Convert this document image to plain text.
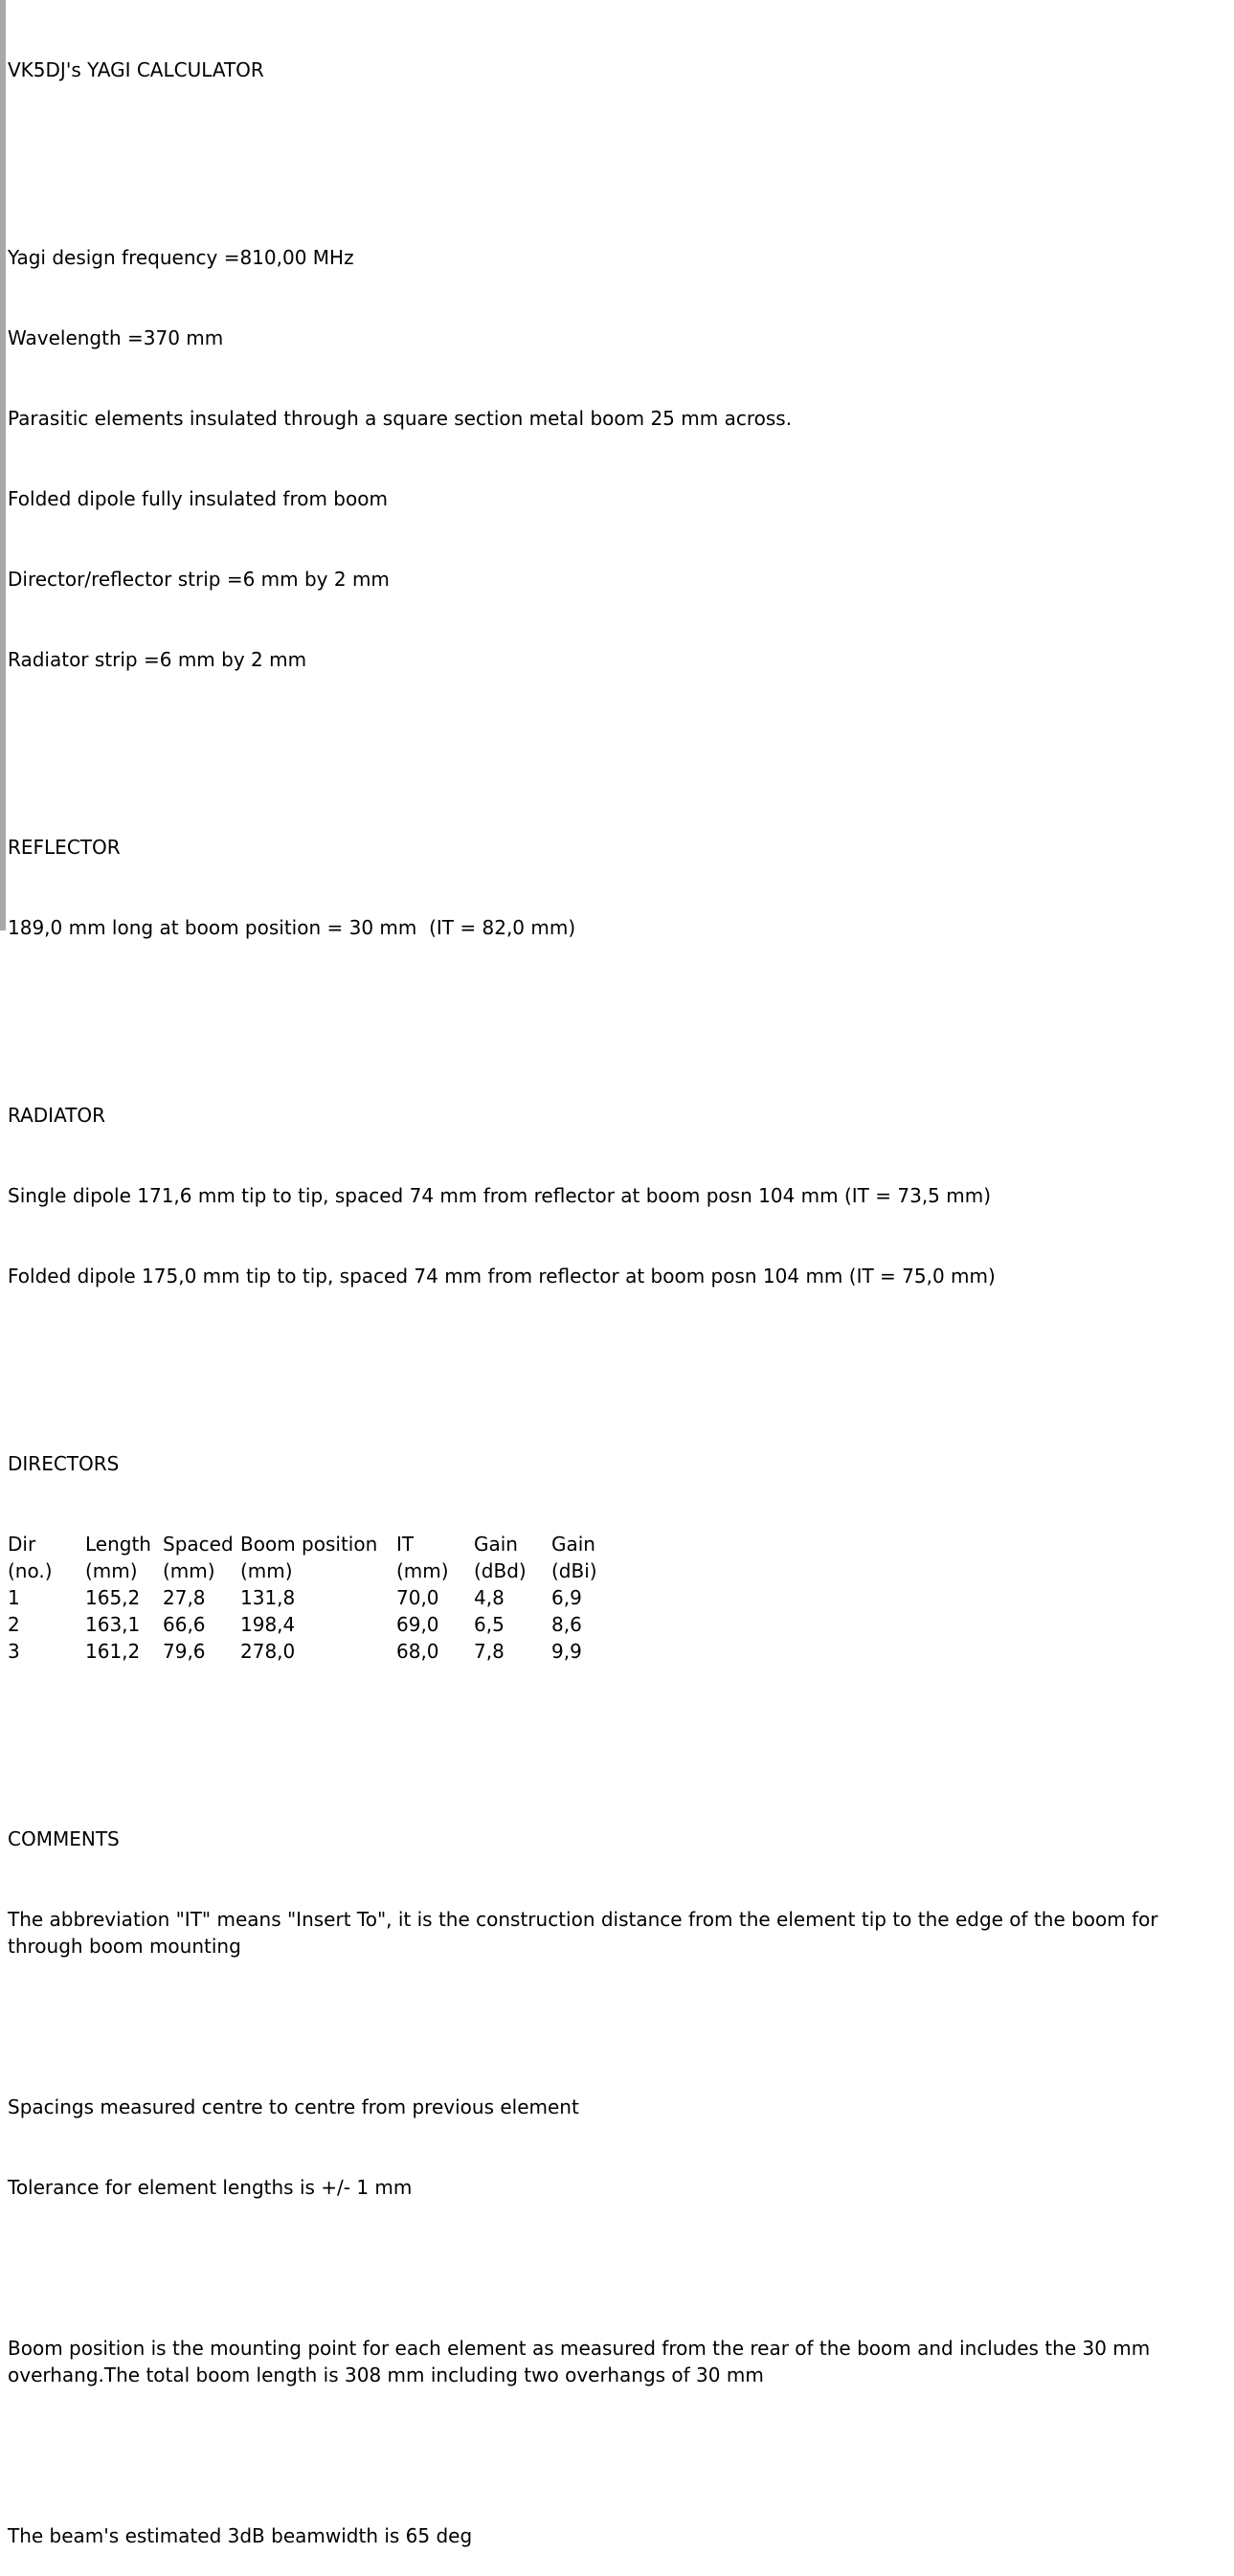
VK5DJ's YAGI CALCULATOR

Yagi design frequency =810,00 MHz

Wavelength =370 mm

Parasitic elements insulated through a square section metal boom 25 mm across.

Folded dipole fully insulated from boom

Director/reflector strip =6 mm by 2 mm

Radiator strip =6 mm by 2 mm

REFLECTOR

189,0 mm long at boom position = 30 mm  (IT = 82,0 mm)

RADIATOR

Single dipole 171,6 mm tip to tip, spaced 74 mm from reflector at boom posn 104 mm (IT = 73,5 mm)

Folded dipole 175,0 mm tip to tip, spaced 74 mm from reflector at boom posn 104 mm (IT = 75,0 mm)

DIRECTORS

Dir	Length	Spaced	Boom position	IT	Gain	Gain
(no.)	(mm)	(mm)	(mm)	(mm)	(dBd)	(dBi)
1	165,2	27,8	131,8	70,0	4,8	6,9
2	163,1	66,6	198,4	69,0	6,5	8,6
3	161,2	79,6	278,0	68,0	7,8	9,9

COMMENTS

The abbreviation "IT" means "Insert To", it is the construction distance from the element tip to the edge of the boom for through boom mounting

Spacings measured centre to centre from previous element

Tolerance for element lengths is +/- 1 mm

Boom position is the mounting point for each element as measured from the rear of the boom and includes the 30 mm overhang.The total boom length is 308 mm including two overhangs of 30 mm

The beam's estimated 3dB beamwidth is 65 deg
